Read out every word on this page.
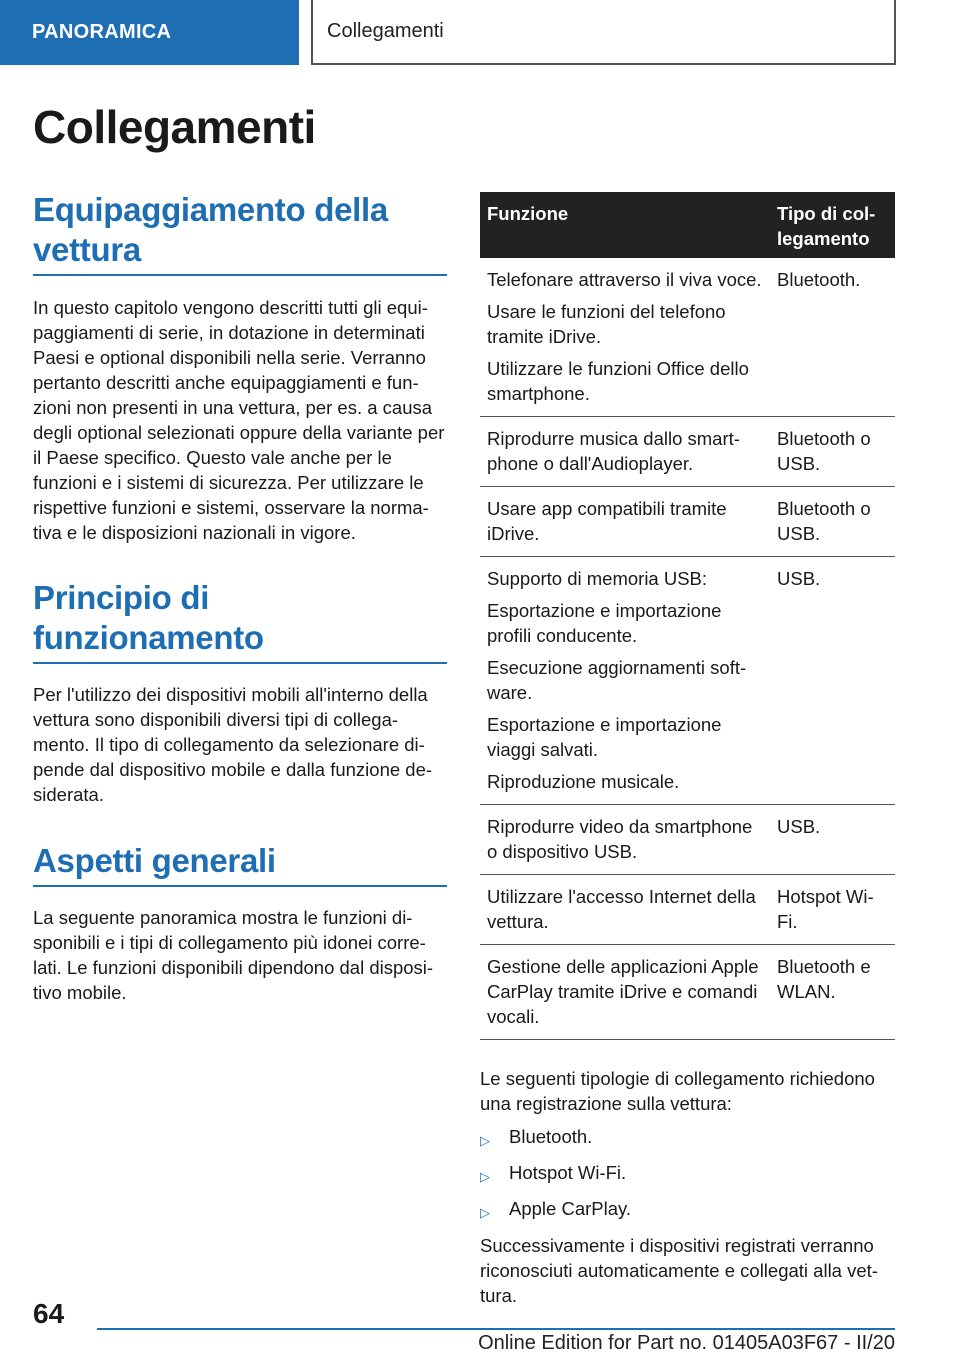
PANORAMICA	Collegamenti
Collegamenti
Equipaggiamento della vettura

In questo capitolo vengono descritti tutti gli equi-paggiamenti di serie, in dotazione in determinati Paesi e optional disponibili nella serie. Verranno pertanto descritti anche equipaggiamenti e fun-zioni non presenti in una vettura, per es. a causa degli optional selezionati oppure della variante per il Paese specifico. Questo vale anche per le funzioni e i sistemi di sicurezza. Per utilizzare le rispettive funzioni e sistemi, osservare la norma-tiva e le disposizioni nazionali in vigore.

Principio di funzionamento

Per l'utilizzo dei dispositivi mobili all'interno della vettura sono disponibili diversi tipi di collega-mento. Il tipo di collegamento da selezionare di-pende dal dispositivo mobile e dalla funzione de-siderata.

Aspetti generali

La seguente panoramica mostra le funzioni di-sponibili e i tipi di collegamento più idonei corre-lati. Le funzioni disponibili dipendono dal disposi-tivo mobile.

Funzione	Tipo di col-legamento

Telefonare attraverso il viva voce.
Usare le funzioni del telefono tramite iDrive.
Utilizzare le funzioni Office dello smartphone.	Bluetooth.

Riprodurre musica dallo smart-phone o dall'Audioplayer.	Bluetooth o USB.

Usare app compatibili tramite iDrive.	Bluetooth o USB.

Supporto di memoria USB:
Esportazione e importazione profili conducente.
Esecuzione aggiornamenti soft-ware.
Esportazione e importazione viaggi salvati.
Riproduzione musicale.	USB.

Riprodurre video da smartphone o dispositivo USB.	USB.

Utilizzare l'accesso Internet della vettura.	Hotspot Wi-Fi.

Gestione delle applicazioni Apple CarPlay tramite iDrive e comandi vocali.	Bluetooth e WLAN.

Le seguenti tipologie di collegamento richiedono una registrazione sulla vettura:

▷	Bluetooth.
▷	Hotspot Wi-Fi.
▷	Apple CarPlay.

Successivamente i dispositivi registrati verranno riconosciuti automaticamente e collegati alla vet-tura.

64
Online Edition for Part no. 01405A03F67 - II/20
